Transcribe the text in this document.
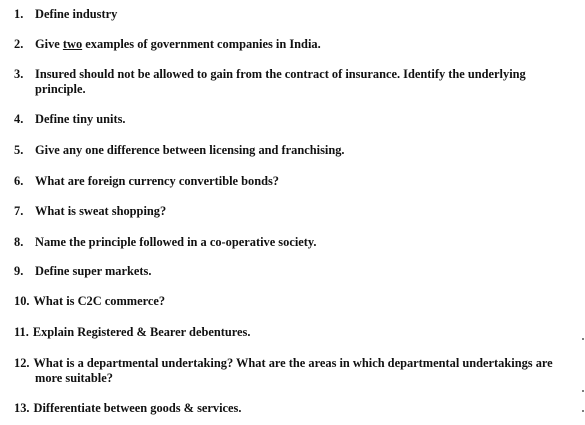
1. Define industry
2. Give two examples of government companies in India.
3. Insured should not be allowed to gain from the contract of insurance. Identify the underlying
principle.
4. Define tiny units.
5. Give any one difference between licensing and franchising.
6. What are foreign currency convertible bonds?
7. What is sweat shopping?
8. Name the principle followed in a co-operative society.
9. Define super markets.
10. What is C2C commerce?
11. Explain Registered & Bearer debentures.
12. What is a departmental undertaking? What are the areas in which departmental undertakings are
more suitable?
13. Differentiate between goods & services.
